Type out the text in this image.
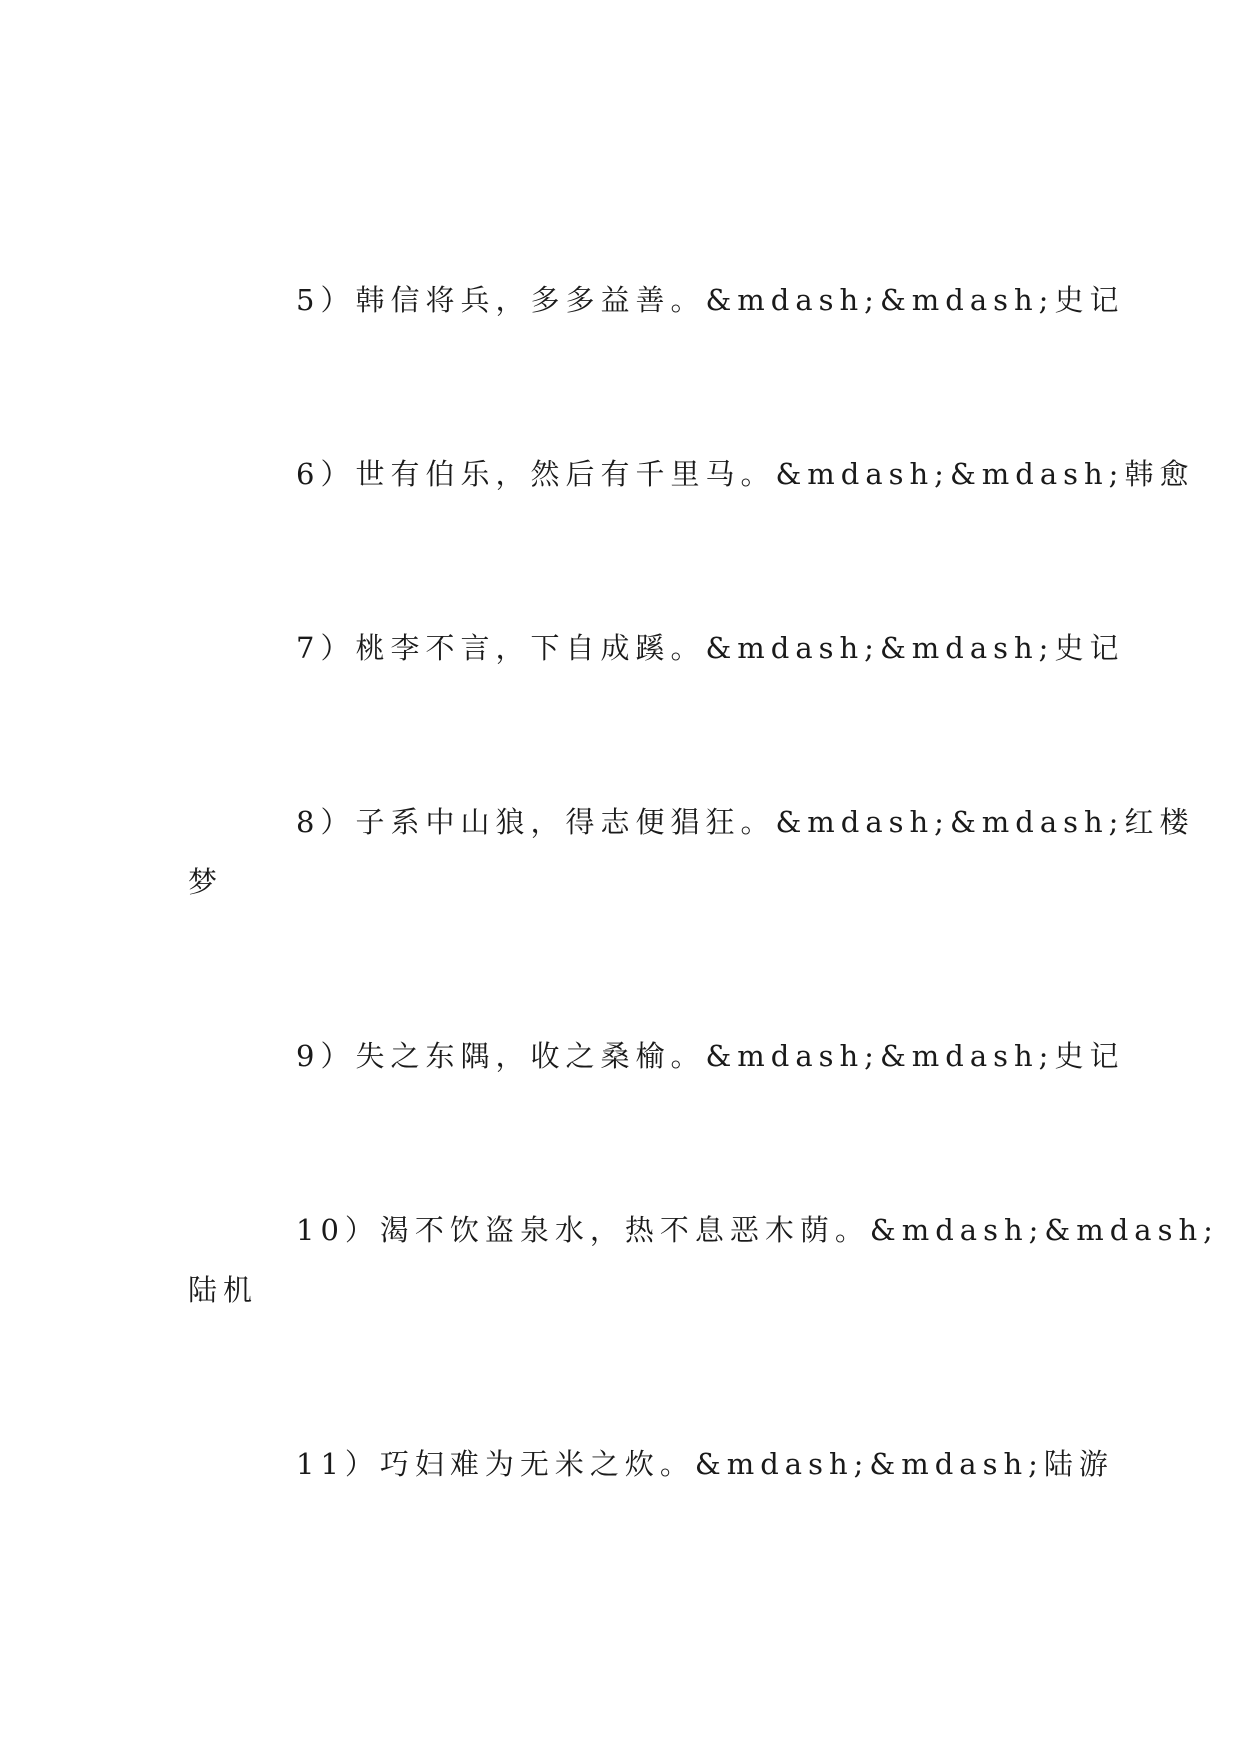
5）韩信将兵，多多益善。&mdash;&mdash;史记
6）世有伯乐，然后有千里马。&mdash;&mdash;韩愈
7）桃李不言，下自成蹊。&mdash;&mdash;史记
8）子系中山狼，得志便猖狂。&mdash;&mdash;红楼
梦
9）失之东隅，收之桑榆。&mdash;&mdash;史记
10）渴不饮盗泉水，热不息恶木荫。&mdash;&mdash;
陆机
11）巧妇难为无米之炊。&mdash;&mdash;陆游
